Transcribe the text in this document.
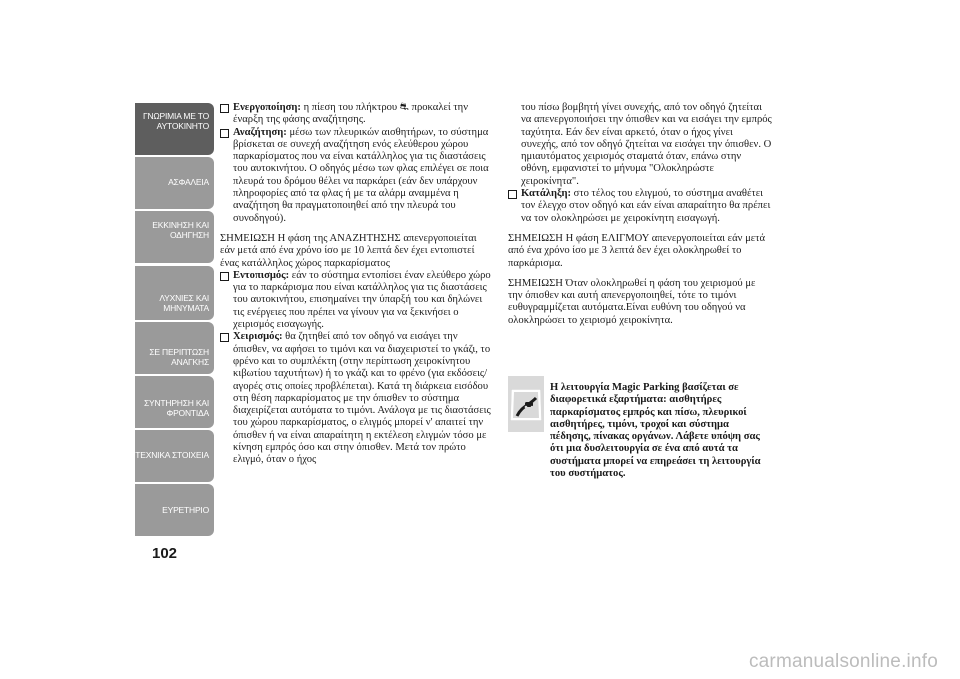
ΓΝΩΡΙΜΙΑ ΜΕ ΤΟ ΑΥΤΟΚΙΝΗΤΟ
ΑΣΦΑΛΕΙΑ
ΕΚΚΙΝΗΣΗ ΚΑΙ ΟΔΗΓΗΣΗ
ΛΥΧΝΙΕΣ ΚΑΙ ΜΗΝΥΜΑΤΑ
ΣΕ ΠΕΡΙΠΤΩΣΗ ΑΝΑΓΚΗΣ
ΣΥΝΤΗΡΗΣΗ ΚΑΙ ΦΡΟΝΤΙΔΑ
ΤΕΧΝΙΚΑ ΣΤΟΙΧΕΙΑ
ΕΥΡΕΤΗΡΙΟ
102

Ενεργοποίηση: η πίεση του πλήκτρου ⛐ προκαλεί την έναρξη της φάσης αναζήτησης.

Αναζήτηση: μέσω των πλευρικών αισθητήρων, το σύστημα βρίσκεται σε συνεχή αναζήτηση ενός ελεύθερου χώρου παρκαρίσματος που να είναι κατάλληλος για τις διαστάσεις του αυτοκινήτου. Ο οδηγός μέσω των φλας επιλέγει σε ποια πλευρά του δρόμου θέλει να παρκάρει (εάν δεν υπάρχουν πληροφορίες από τα φλας ή με τα αλάρμ αναμμένα η αναζήτηση θα πραγματοποιηθεί από την πλευρά του συνοδηγού).

ΣΗΜΕΙΩΣΗ Η φάση της ΑΝΑΖΗΤΗΣΗΣ απενεργοποιείται εάν μετά από ένα χρόνο ίσο με 10 λεπτά δεν έχει εντοπιστεί ένας κατάλληλος χώρος παρκαρίσματος

Εντοπισμός: εάν το σύστημα εντοπίσει έναν ελεύθερο χώρο για το παρκάρισμα που είναι κατάλληλος για τις διαστάσεις του αυτοκινήτου, επισημαίνει την ύπαρξή του και δηλώνει τις ενέργειες που πρέπει να γίνουν για να ξεκινήσει ο χειρισμός εισαγωγής.

Χειρισμός: θα ζητηθεί από τον οδηγό να εισάγει την όπισθεν, να αφήσει το τιμόνι και να διαχειριστεί το γκάζι, το φρένο και το συμπλέκτη (στην περίπτωση χειροκίνητου κιβωτίου ταχυτήτων) ή το γκάζι και το φρένο (για εκδόσεις/αγορές στις οποίες προβλέπεται). Κατά τη διάρκεια εισόδου στη θέση παρκαρίσματος με την όπισθεν το σύστημα διαχειρίζεται αυτόματα το τιμόνι. Ανάλογα με τις διαστάσεις του χώρου παρκαρίσματος, ο ελιγμός μπορεί ν' απαιτεί την όπισθεν ή να είναι απαραίτητη η εκτέλεση ελιγμών τόσο με κίνηση εμπρός όσο και στην όπισθεν. Μετά τον πρώτο ελιγμό, όταν ο ήχος

του πίσω βομβητή γίνει συνεχής, από τον οδηγό ζητείται να απενεργοποιήσει την όπισθεν και να εισάγει την εμπρός ταχύτητα. Εάν δεν είναι αρκετό, όταν ο ήχος γίνει συνεχής, από τον οδηγό ζητείται να εισάγει την όπισθεν. Ο ημιαυτόματος χειρισμός σταματά όταν, επάνω στην οθόνη, εμφανιστεί το μήνυμα "Ολοκληρώστε χειροκίνητα".

Κατάληξη: στο τέλος του ελιγμού, το σύστημα αναθέτει τον έλεγχο στον οδηγό και εάν είναι απαραίτητο θα πρέπει να τον ολοκληρώσει με χειροκίνητη εισαγωγή.

ΣΗΜΕΙΩΣΗ Η φάση ΕΛΙΓΜΟΥ απενεργοποιείται εάν μετά από ένα χρόνο ίσο με 3 λεπτά δεν έχει ολοκληρωθεί το παρκάρισμα.

ΣΗΜΕΙΩΣΗ Όταν ολοκληρωθεί η φάση του χειρισμού με την όπισθεν και αυτή απενεργοποιηθεί, τότε το τιμόνι ευθυγραμμίζεται αυτόματα.Είναι ευθύνη του οδηγού να ολοκληρώσει το χειρισμό χειροκίνητα.

Η λειτουργία Magic Parking βασίζεται σε
διαφορετικά εξαρτήματα: αισθητήρες παρκαρίσματος εμπρός και πίσω, πλευρικοί αισθητήρες, τιμόνι, τροχοί και σύστημα πέδησης, πίνακας οργάνων. Λάβετε υπόψη σας ότι μια δυσλειτουργία σε ένα από αυτά τα συστήματα μπορεί να επηρεάσει τη λειτουργία του συστήματος.
carmanualsonline.info
